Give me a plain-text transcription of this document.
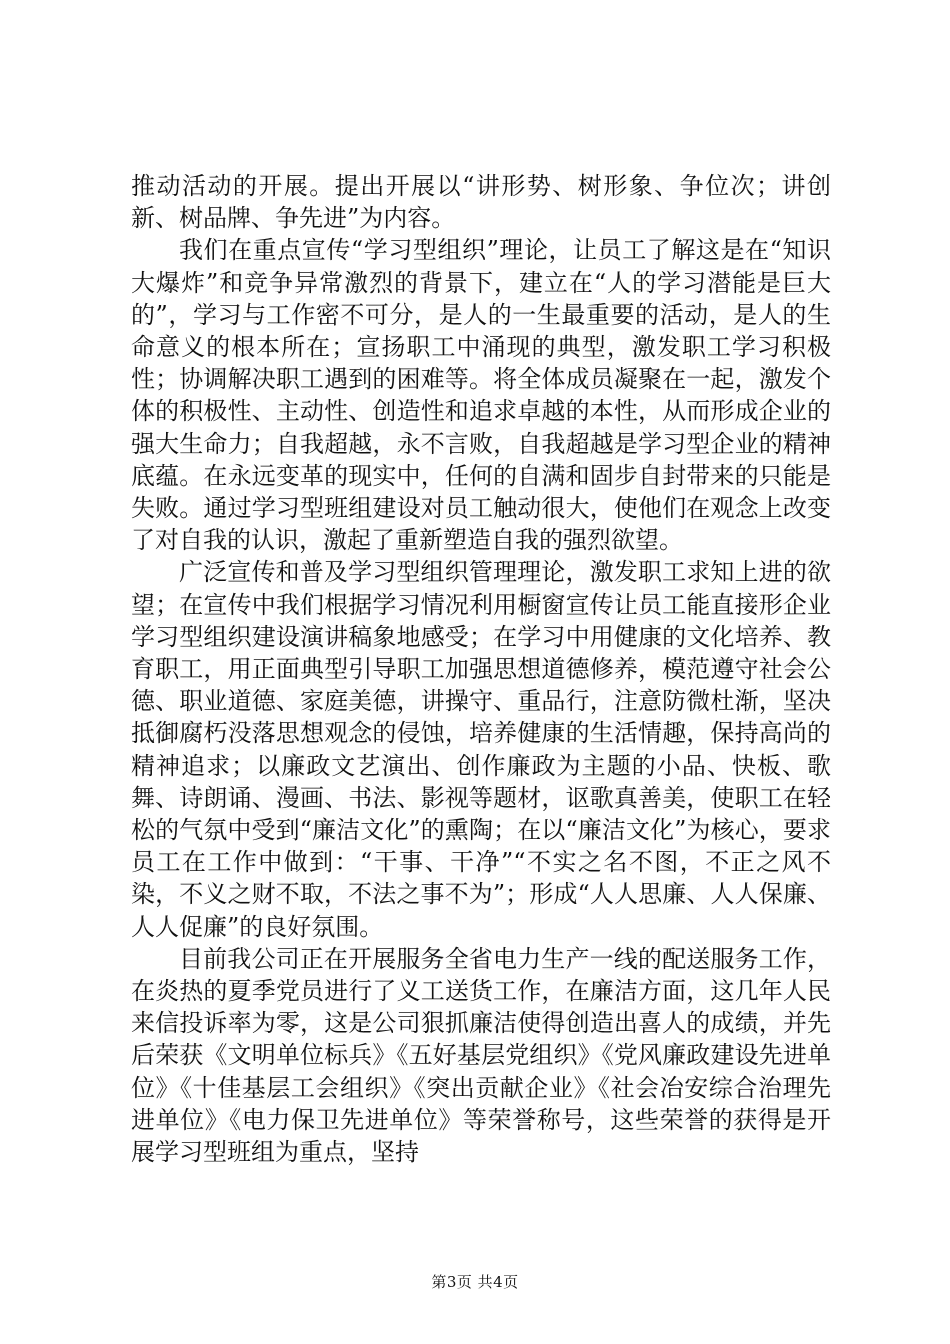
推动活动的开展。提出开展以“讲形势、树形象、争位次；讲创新、树品牌、争先进”为内容。

我们在重点宣传“学习型组织”理论，让员工了解这是在“知识大爆炸”和竞争异常激烈的背景下，建立在“人的学习潜能是巨大的”，学习与工作密不可分，是人的一生最重要的活动，是人的生命意义的根本所在；宣扬职工中涌现的典型，激发职工学习积极性；协调解决职工遇到的困难等。将全体成员凝聚在一起，激发个体的积极性、主动性、创造性和追求卓越的本性，从而形成企业的强大生命力；自我超越，永不言败，自我超越是学习型企业的精神底蕴。在永远变革的现实中，任何的自满和固步自封带来的只能是失败。通过学习型班组建设对员工触动很大，使他们在观念上改变了对自我的认识，激起了重新塑造自我的强烈欲望。

广泛宣传和普及学习型组织管理理论，激发职工求知上进的欲望；在宣传中我们根据学习情况利用橱窗宣传让员工能直接形企业学习型组织建设演讲稿象地感受；在学习中用健康的文化培养、教育职工，用正面典型引导职工加强思想道德修养，模范遵守社会公德、职业道德、家庭美德，讲操守、重品行，注意防微杜渐，坚决抵御腐朽没落思想观念的侵蚀，培养健康的生活情趣，保持高尚的精神追求；以廉政文艺演出、创作廉政为主题的小品、快板、歌舞、诗朗诵、漫画、书法、影视等题材，讴歌真善美，使职工在轻松的气氛中受到“廉洁文化”的熏陶；在以“廉洁文化”为核心，要求员工在工作中做到：“干事、干净”“不实之名不图，不正之风不染，不义之财不取，不法之事不为”；形成“人人思廉、人人保廉、人人促廉”的良好氛围。

目前我公司正在开展服务全省电力生产一线的配送服务工作，在炎热的夏季党员进行了义工送货工作，在廉洁方面，这几年人民来信投诉率为零，这是公司狠抓廉洁使得创造出喜人的成绩，并先后荣获《文明单位标兵》《五好基层党组织》《党风廉政建设先进单位》《十佳基层工会组织》《突出贡献企业》《社会冶安综合治理先进单位》《电力保卫先进单位》等荣誉称号，这些荣誉的获得是开展学习型班组为重点，坚持

第3页 共4页
